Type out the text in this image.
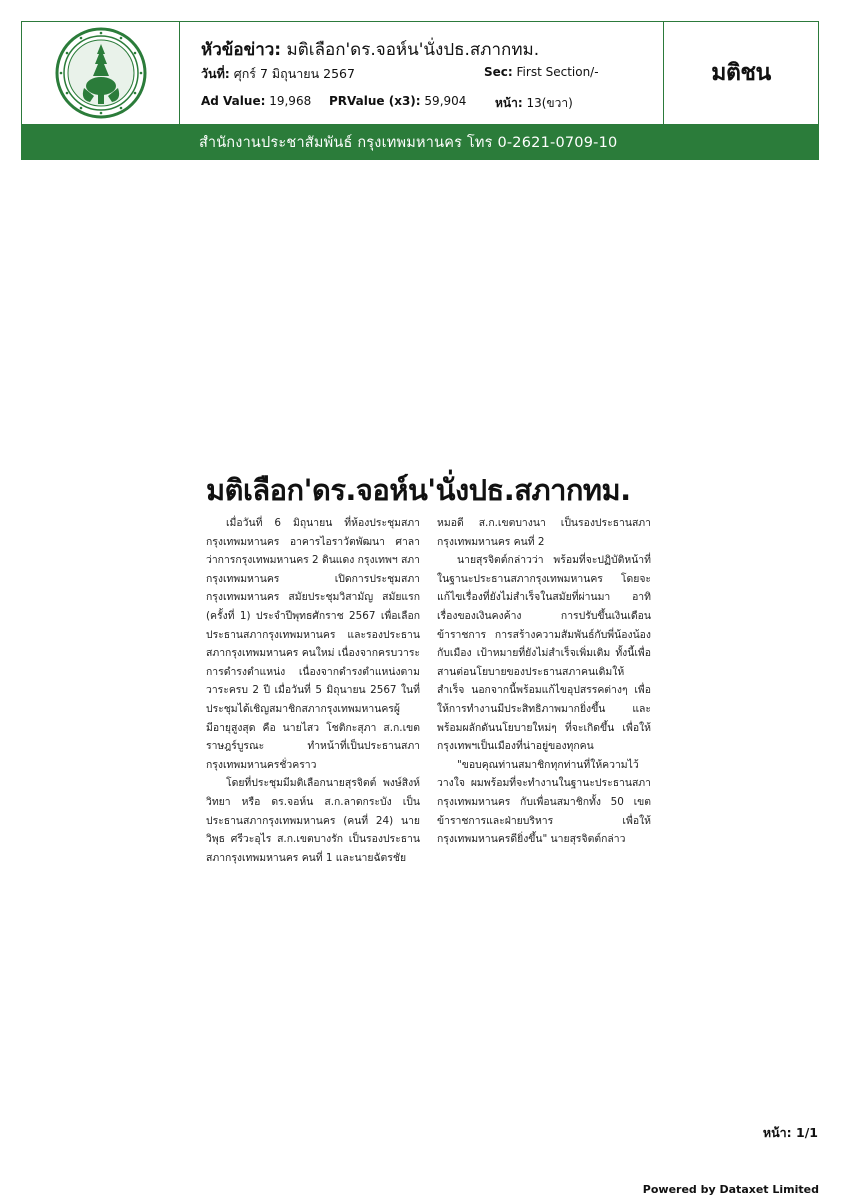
หัวข้อข่าว: มติเลือก'ดร.จอห์น'นั่งปธ.สภากทม.
วันที่: ศุกร์ 7 มิถุนายน 2567	Sec: First Section/-
Ad Value: 19,968 PRValue (x3): 59,904 หน้า: 13(ขวา)
มติชน
สำนักงานประชาสัมพันธ์ กรุงเทพมหานคร โทร 0-2621-0709-10
มติเลือก'ดร.จอห์น'นั่งปธ.สภากทม.

เมื่อวันที่ 6 มิถุนายน ที่ห้องประชุมสภากรุงเทพมหานคร อาคารไอราวัตพัฒนา ศาลาว่าการกรุงเทพมหานคร 2 ดินแดง กรุงเทพฯ สภากรุงเทพมหานคร เปิดการประชุมสภากรุงเทพมหานคร สมัยประชุมวิสามัญ สมัยแรก (ครั้งที่ 1) ประจำปีพุทธศักราช 2567 เพื่อเลือกประธานสภากรุงเทพมหานคร และรองประธานสภากรุงเทพมหานคร คนใหม่ เนื่องจากครบวาระการดำรงตำแหน่ง เนื่องจากดำรงตำแหน่งตามวาระครบ 2 ปี เมื่อวันที่ 5 มิถุนายน 2567 ในที่ประชุมได้เชิญสมาชิกสภากรุงเทพมหานครผู้มีอายุสูงสุด คือ นายไสว โชติกะสุภา ส.ก.เขตราษฎร์บูรณะ ทำหน้าที่เป็นประธานสภากรุงเทพมหานครชั่วคราว

โดยที่ประชุมมีมติเลือกนายสุรจิตต์ พงษ์สิงห์วิทยา หรือ ดร.จอห์น ส.ก.ลาดกระบัง เป็นประธานสภากรุงเทพมหานคร (คนที่ 24) นายวิพุธ ศรีวะอุไร ส.ก.เขตบางรัก เป็นรองประธานสภากรุงเทพมหานคร คนที่ 1 และนายฉัตรชัย

หมอดี ส.ก.เขตบางนา เป็นรองประธานสภากรุงเทพมหานคร คนที่ 2

นายสุรจิตต์กล่าวว่า พร้อมที่จะปฏิบัติหน้าที่ในฐานะประธานสภากรุงเทพมหานคร โดยจะแก้ไขเรื่องที่ยังไม่สำเร็จในสมัยที่ผ่านมา อาทิ เรื่องของเงินคงค้าง การปรับขึ้นเงินเดือนข้าราชการ การสร้างความสัมพันธ์กับพี่น้องน้องกับเมือง เป้าหมายที่ยังไม่สำเร็จเพิ่มเติม ทั้งนี้เพื่อสานต่อนโยบายของประธานสภาคนเดิมให้สำเร็จ นอกจากนี้พร้อมแก้ไขอุปสรรคต่างๆ เพื่อให้การทำงานมีประสิทธิภาพมากยิ่งขึ้น และพร้อมผลักดันนโยบายใหม่ๆ ที่จะเกิดขึ้น เพื่อให้กรุงเทพฯเป็นเมืองที่น่าอยู่ของทุกคน

"ขอบคุณท่านสมาชิกทุกท่านที่ให้ความไว้วางใจ ผมพร้อมที่จะทำงานในฐานะประธานสภากรุงเทพมหานคร กับเพื่อนสมาชิกทั้ง 50 เขต ข้าราชการและฝ่ายบริหาร เพื่อให้กรุงเทพมหานครดียิ่งขึ้น" นายสุรจิตต์กล่าว

หน้า: 1/1
Powered by Dataxet Limited
